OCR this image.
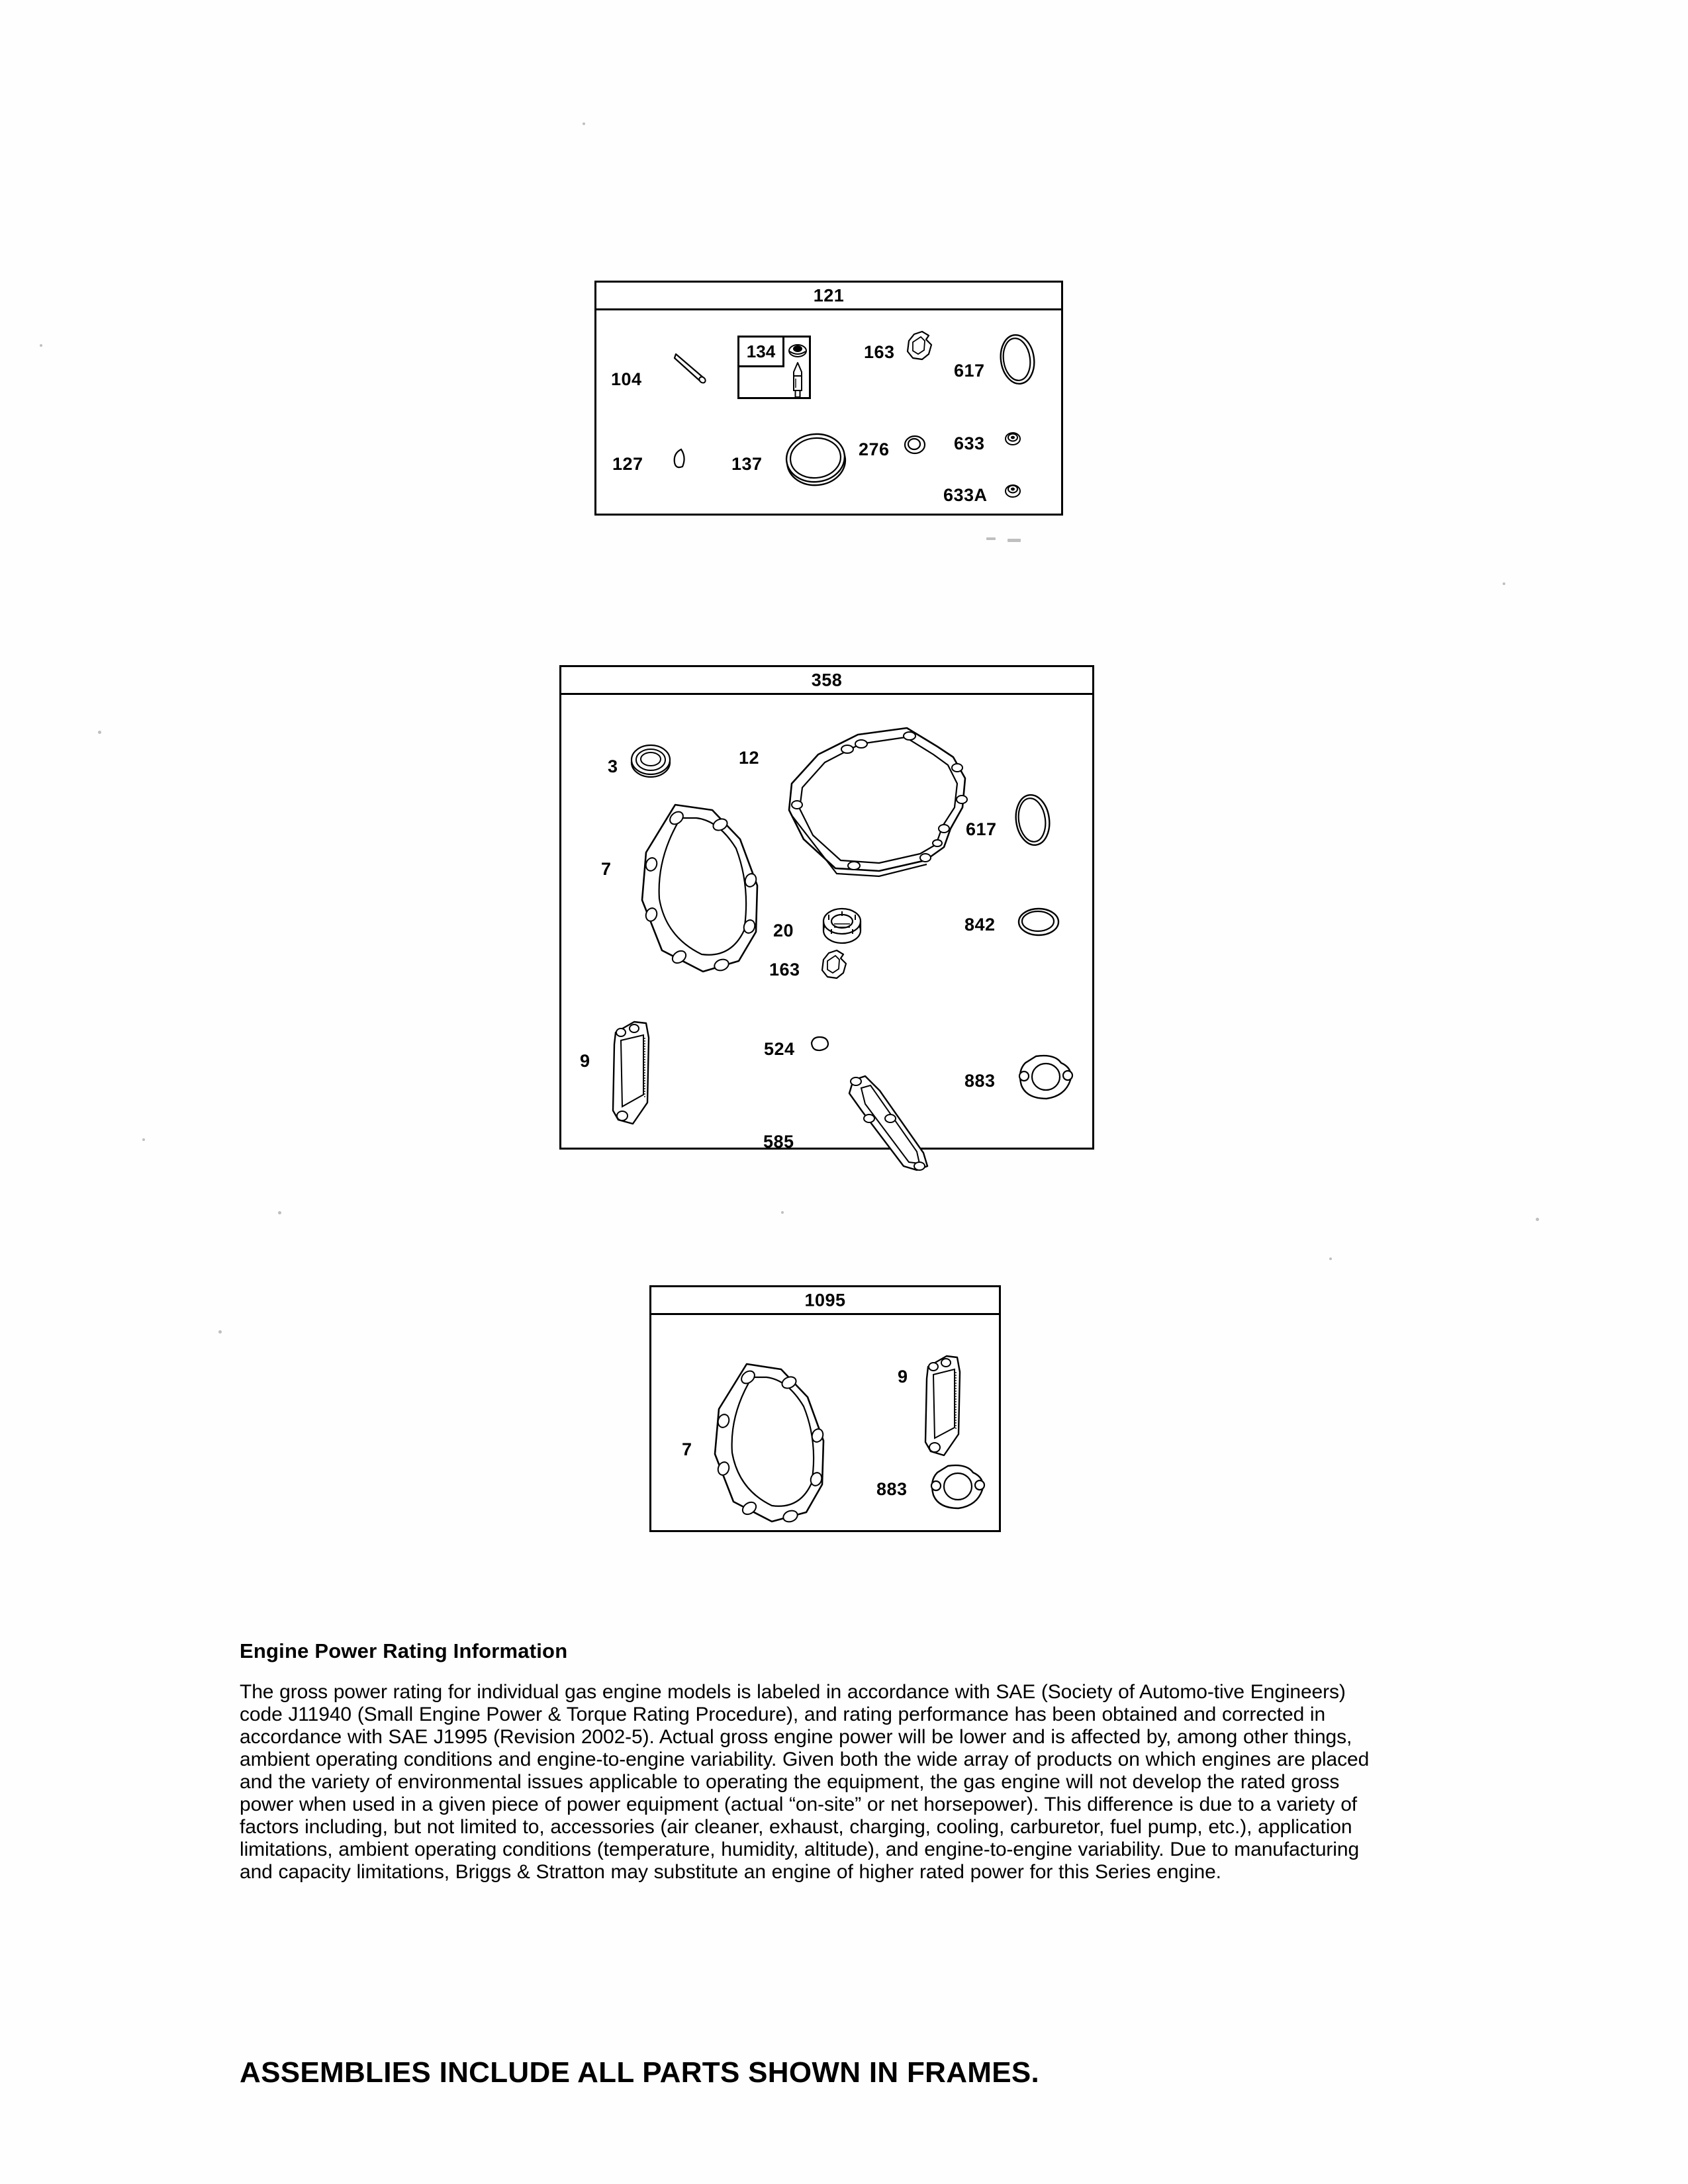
121
104
134	163
617
127	137
276	633
633A
358
3	12
617
7
20	842
163
9
524
883
585
1095
7
9
883
Engine Power Rating Information

The gross power rating for individual gas engine models is labeled in accordance with SAE (Society of Automo-tive Engineers) code J11940 (Small Engine Power & Torque Rating Procedure), and rating performance has been obtained and corrected in accordance with SAE J1995 (Revision 2002-5). Actual gross engine power will be lower and is affected by, among other things, ambient operating conditions and engine-to-engine variability. Given both the wide array of products on which engines are placed and the variety of environmental issues applicable to operating the equipment, the gas engine will not develop the rated gross power when used in a given piece of power equipment (actual “on-site” or net horsepower). This difference is due to a variety of factors including, but not limited to, accessories (air cleaner, exhaust, charging, cooling, carburetor, fuel pump, etc.), application limitations, ambient operating conditions (temperature, humidity, altitude), and engine-to-engine variability. Due to manufacturing and capacity limitations, Briggs & Stratton may substitute an engine of higher rated power for this Series engine.

ASSEMBLIES INCLUDE ALL PARTS SHOWN IN FRAMES.
